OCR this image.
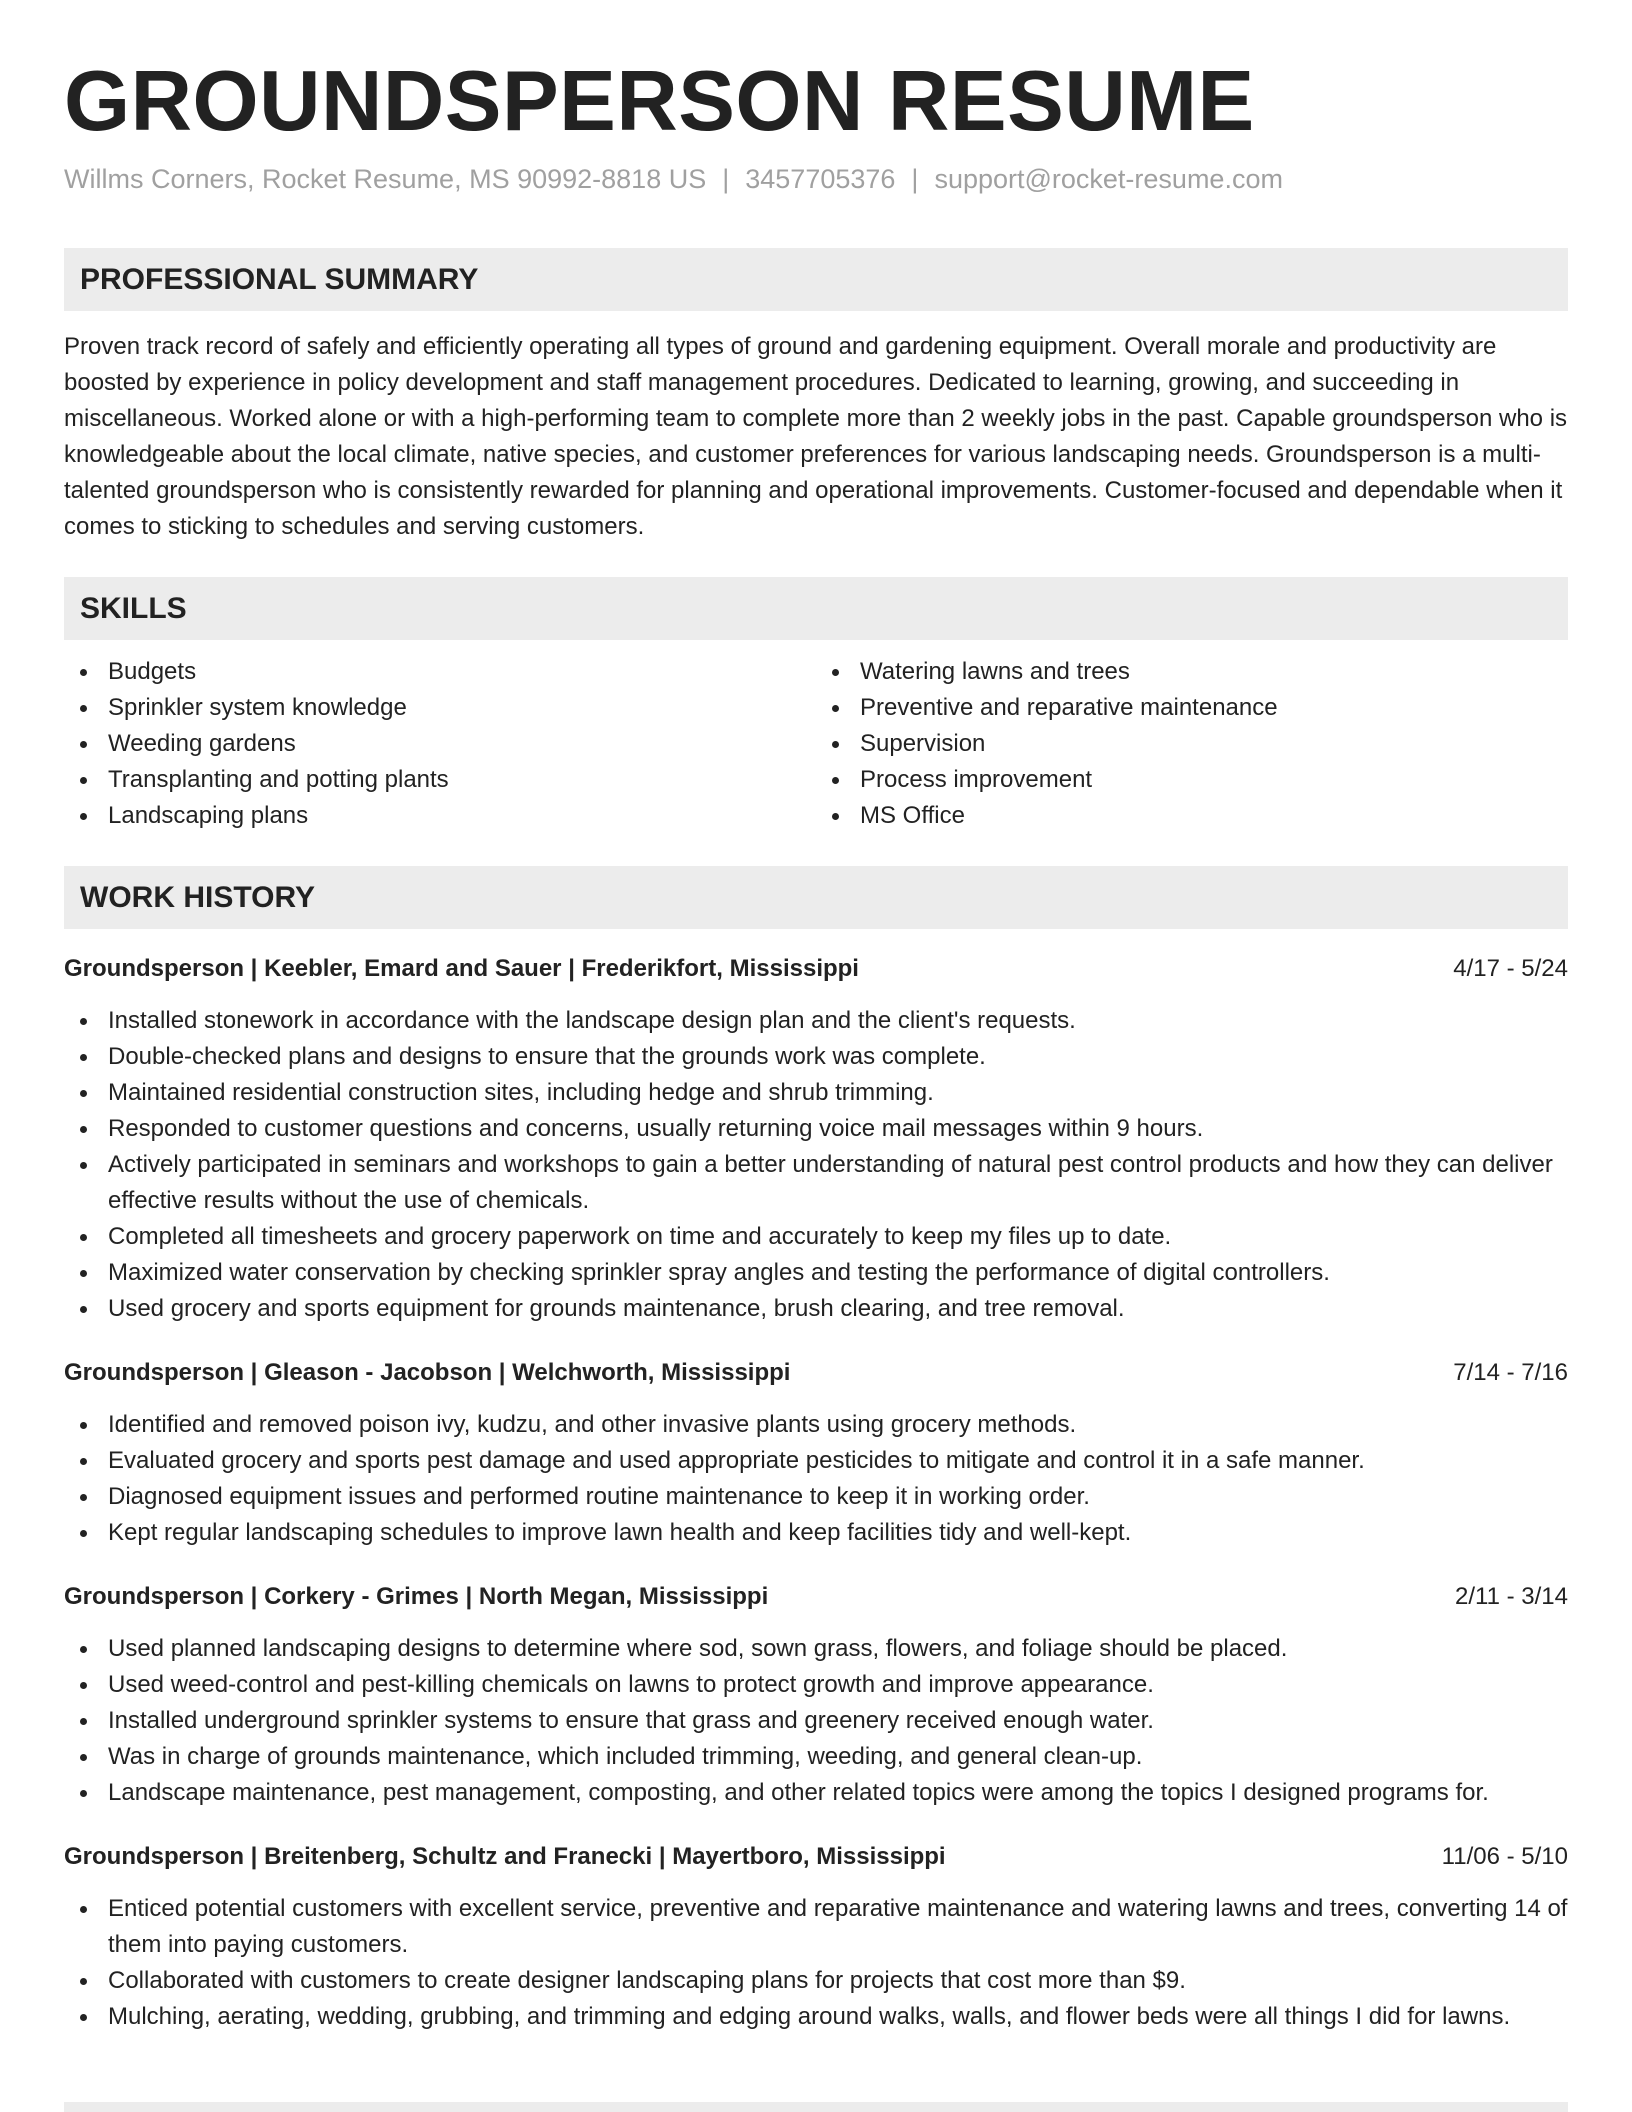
GROUNDSPERSON RESUME
Willms Corners, Rocket Resume, MS 90992-8818 US | 3457705376 | support@rocket-resume.com
PROFESSIONAL SUMMARY

Proven track record of safely and efficiently operating all types of ground and gardening equipment. Overall morale and productivity are boosted by experience in policy development and staff management procedures. Dedicated to learning, growing, and succeeding in miscellaneous. Worked alone or with a high-performing team to complete more than 2 weekly jobs in the past. Capable groundsperson who is knowledgeable about the local climate, native species, and customer preferences for various landscaping needs. Groundsperson is a multi-talented groundsperson who is consistently rewarded for planning and operational improvements. Customer-focused and dependable when it comes to sticking to schedules and serving customers.

SKILLS
Budgets
Sprinkler system knowledge
Weeding gardens
Transplanting and potting plants
Landscaping plans
Watering lawns and trees
Preventive and reparative maintenance
Supervision
Process improvement
MS Office
WORK HISTORY
Groundsperson | Keebler, Emard and Sauer | Frederikfort, Mississippi	4/17 - 5/24
Installed stonework in accordance with the landscape design plan and the client's requests.
Double-checked plans and designs to ensure that the grounds work was complete.
Maintained residential construction sites, including hedge and shrub trimming.
Responded to customer questions and concerns, usually returning voice mail messages within 9 hours.
Actively participated in seminars and workshops to gain a better understanding of natural pest control products and how they can deliver effective results without the use of chemicals.
Completed all timesheets and grocery paperwork on time and accurately to keep my files up to date.
Maximized water conservation by checking sprinkler spray angles and testing the performance of digital controllers.
Used grocery and sports equipment for grounds maintenance, brush clearing, and tree removal.
Groundsperson | Gleason - Jacobson | Welchworth, Mississippi	7/14 - 7/16
Identified and removed poison ivy, kudzu, and other invasive plants using grocery methods.
Evaluated grocery and sports pest damage and used appropriate pesticides to mitigate and control it in a safe manner.
Diagnosed equipment issues and performed routine maintenance to keep it in working order.
Kept regular landscaping schedules to improve lawn health and keep facilities tidy and well-kept.
Groundsperson | Corkery - Grimes | North Megan, Mississippi	2/11 - 3/14
Used planned landscaping designs to determine where sod, sown grass, flowers, and foliage should be placed.
Used weed-control and pest-killing chemicals on lawns to protect growth and improve appearance.
Installed underground sprinkler systems to ensure that grass and greenery received enough water.
Was in charge of grounds maintenance, which included trimming, weeding, and general clean-up.
Landscape maintenance, pest management, composting, and other related topics were among the topics I designed programs for.
Groundsperson | Breitenberg, Schultz and Franecki | Mayertboro, Mississippi	11/06 - 5/10
Enticed potential customers with excellent service, preventive and reparative maintenance and watering lawns and trees, converting 14 of them into paying customers.
Collaborated with customers to create designer landscaping plans for projects that cost more than $9.
Mulching, aerating, wedding, grubbing, and trimming and edging around walks, walls, and flower beds were all things I did for lawns.
